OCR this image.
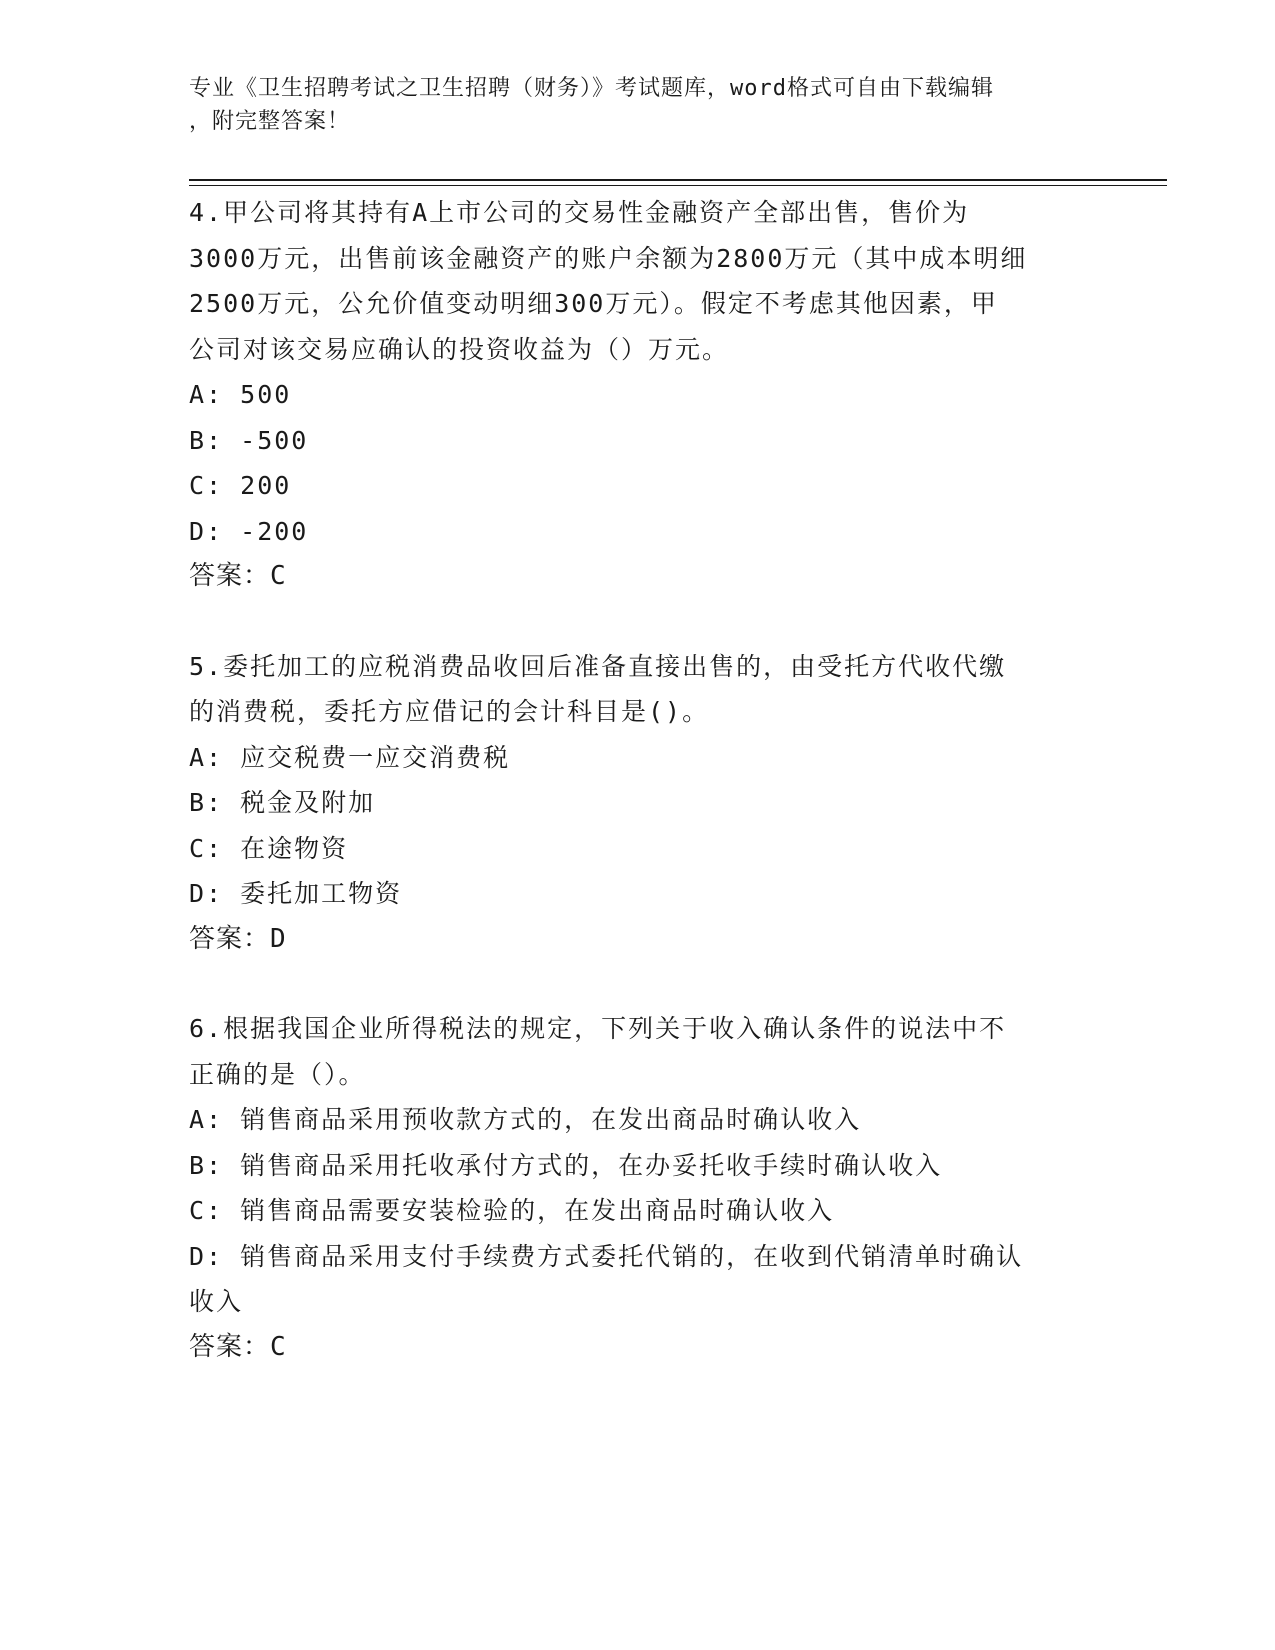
专业《卫生招聘考试之卫生招聘（财务）》考试题库，word格式可自由下载编辑
，附完整答案！
4.甲公司将其持有A上市公司的交易性金融资产全部出售，售价为
3000万元，出售前该金融资产的账户余额为2800万元（其中成本明细
2500万元，公允价值变动明细300万元）。假定不考虑其他因素，甲
公司对该交易应确认的投资收益为（）万元。
A: 500
B: -500
C: 200
D: -200
答案：C
5.委托加工的应税消费品收回后准备直接出售的，由受托方代收代缴
的消费税，委托方应借记的会计科目是()。
A: 应交税费一应交消费税
B: 税金及附加
C: 在途物资
D: 委托加工物资
答案：D
6.根据我国企业所得税法的规定，下列关于收入确认条件的说法中不
正确的是（）。
A: 销售商品采用预收款方式的，在发出商品时确认收入
B: 销售商品采用托收承付方式的，在办妥托收手续时确认收入
C: 销售商品需要安装检验的，在发出商品时确认收入
D: 销售商品采用支付手续费方式委托代销的，在收到代销清单时确认
收入
答案：C
